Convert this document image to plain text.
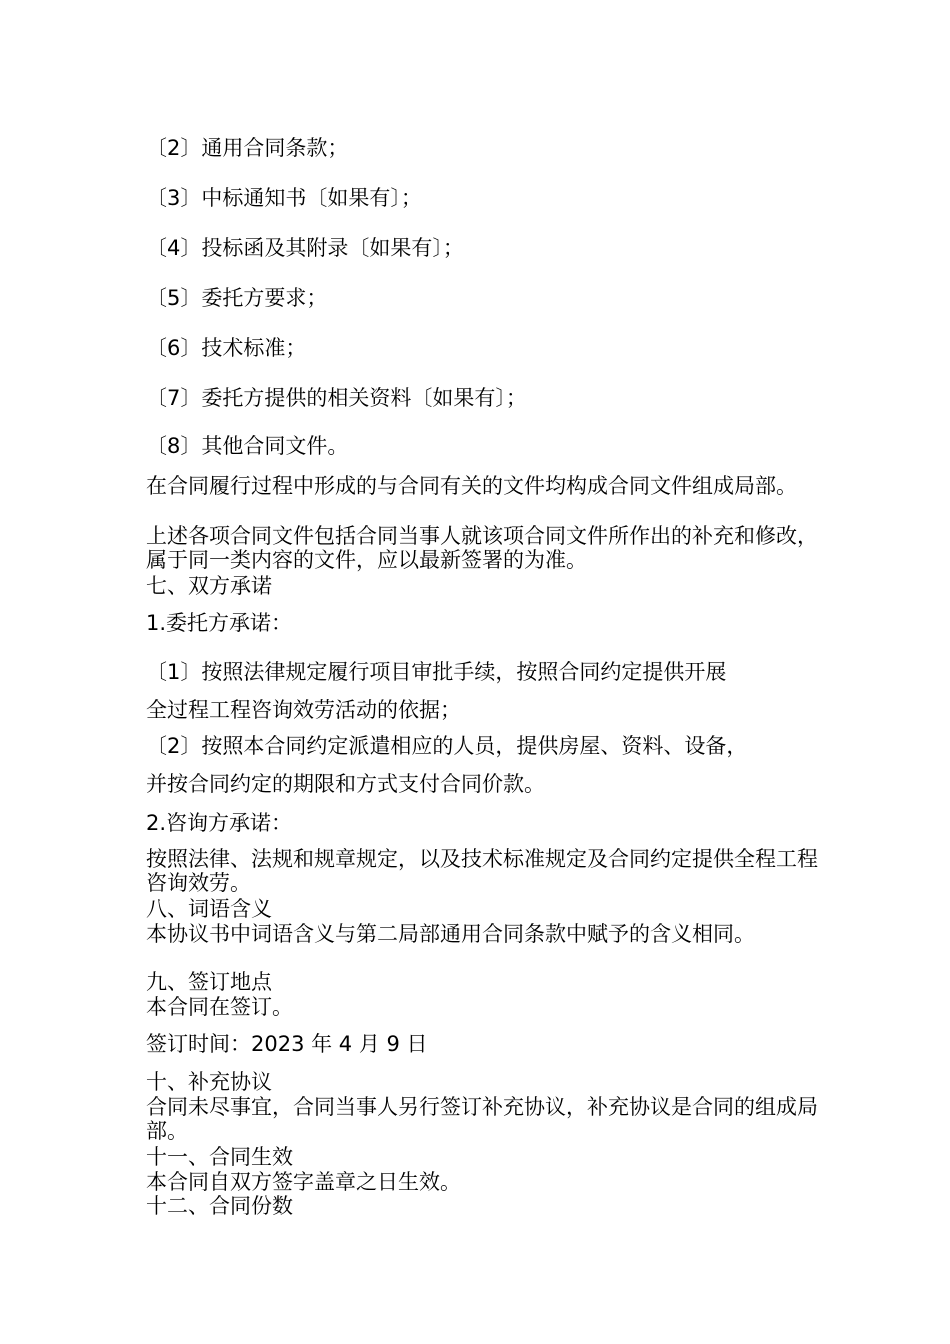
〔2〕通用合同条款；
〔3〕中标通知书〔如果有〕；
〔4〕投标函及其附录〔如果有〕；
〔5〕委托方要求；
〔6〕技术标准；
〔7〕委托方提供的相关资料〔如果有〕；
〔8〕其他合同文件。
在合同履行过程中形成的与合同有关的文件均构成合同文件组成局部。
上述各项合同文件包括合同当事人就该项合同文件所作出的补充和修改，属于同一类内容的文件，应以最新签署的为准。
七、双方承诺
1.委托方承诺：
〔1〕按照法律规定履行项目审批手续，按照合同约定提供开展
全过程工程咨询效劳活动的依据；
〔2〕按照本合同约定派遣相应的人员，提供房屋、资料、设备，
并按合同约定的期限和方式支付合同价款。
2.咨询方承诺：
按照法律、法规和规章规定，以及技术标准规定及合同约定提供全程工程咨询效劳。
八、词语含义
本协议书中词语含义与第二局部通用合同条款中赋予的含义相同。
九、签订地点
本合同在签订。
签订时间：2023 年 4 月 9 日
十、补充协议
合同未尽事宜，合同当事人另行签订补充协议，补充协议是合同的组成局部。
十一、合同生效
本合同自双方签字盖章之日生效。
十二、合同份数
